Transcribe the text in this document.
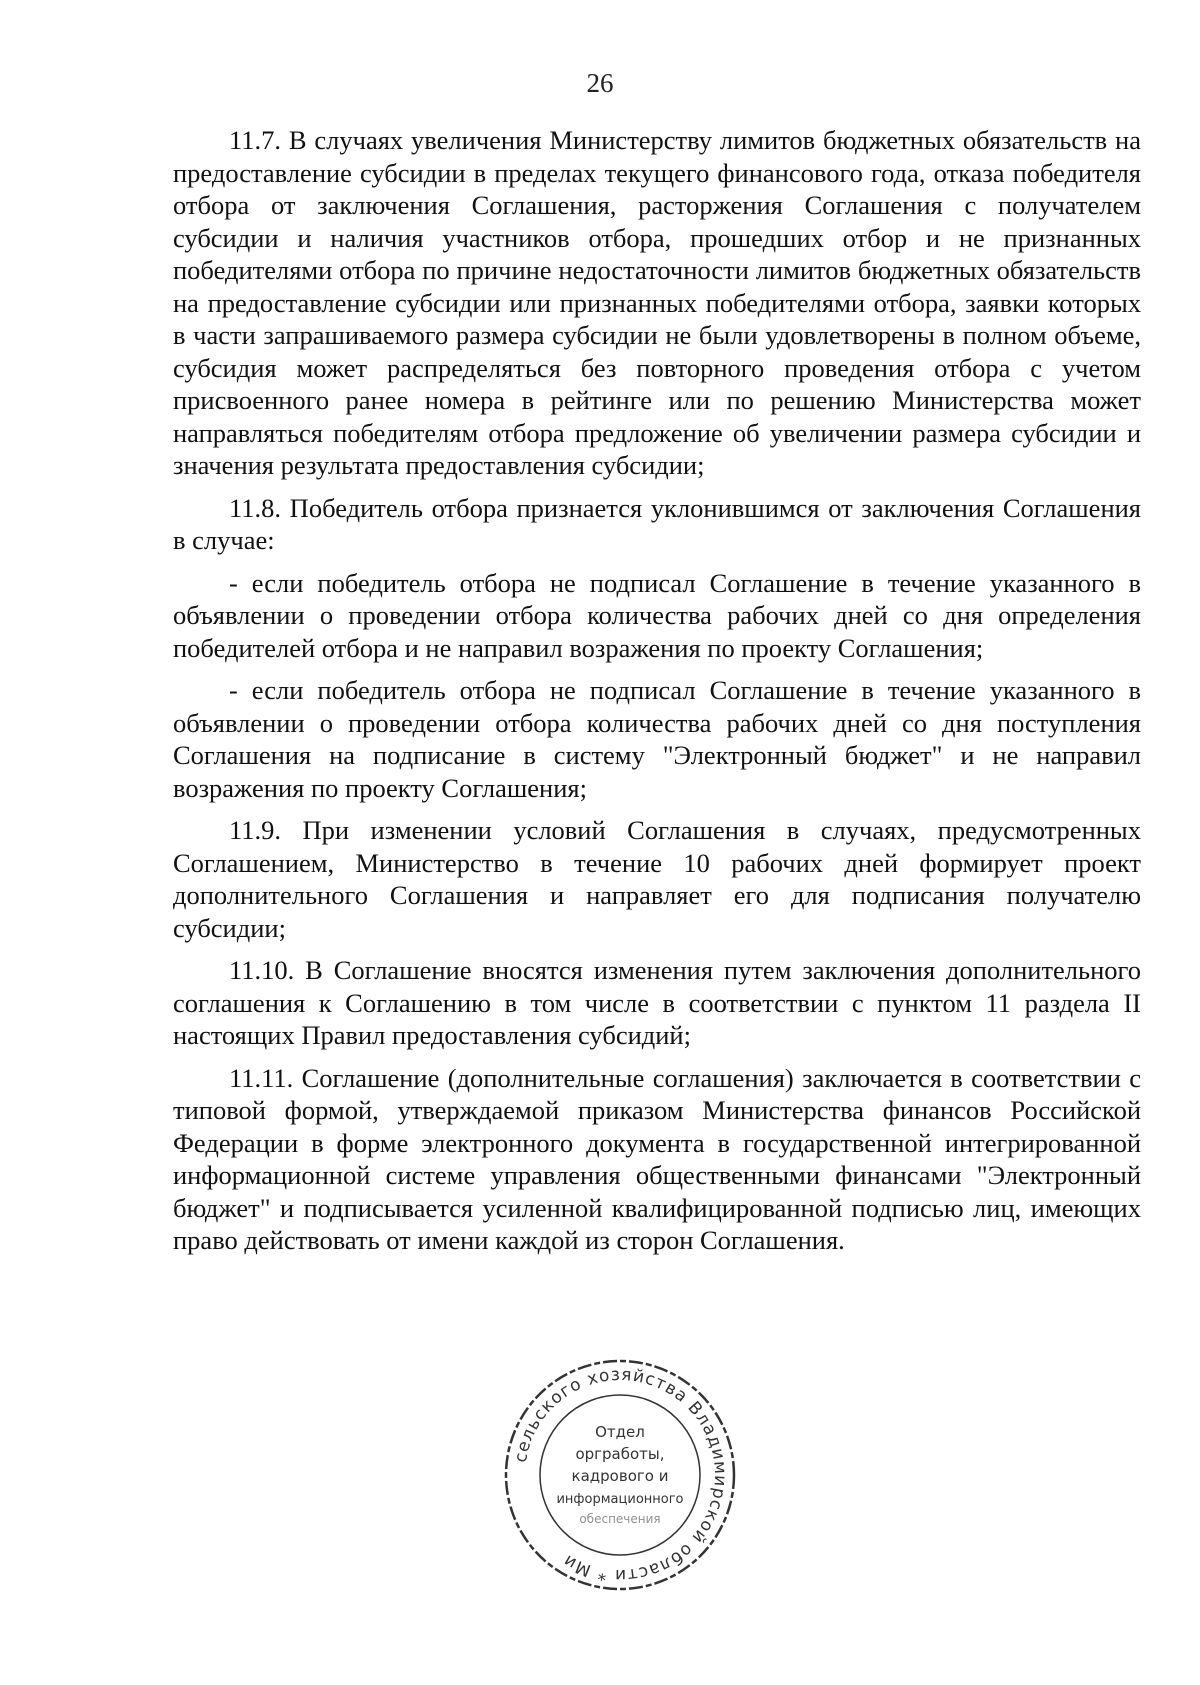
26

11.7. В случаях увеличения Министерству лимитов бюджетных обязательств на предоставление субсидии в пределах текущего финансового года, отказа победителя отбора от заключения Соглашения, расторжения Соглашения с получателем субсидии и наличия участников отбора, прошедших отбор и не признанных победителями отбора по причине недостаточности лимитов бюджетных обязательств на предоставление субсидии или признанных победителями отбора, заявки которых в части запрашиваемого размера субсидии не были удовлетворены в полном объеме, субсидия может распределяться без повторного проведения отбора с учетом присвоенного ранее номера в рейтинге или по решению Министерства может направляться победителям отбора предложение об увеличении размера субсидии и значения результата предоставления субсидии;

11.8. Победитель отбора признается уклонившимся от заключения Соглашения в случае:

- если победитель отбора не подписал Соглашение в течение указанного в объявлении о проведении отбора количества рабочих дней со дня определения победителей отбора и не направил возражения по проекту Соглашения;

- если победитель отбора не подписал Соглашение в течение указанного в объявлении о проведении отбора количества рабочих дней со дня поступления Соглашения на подписание в систему "Электронный бюджет" и не направил возражения по проекту Соглашения;

11.9. При изменении условий Соглашения в случаях, предусмотренных Соглашением, Министерство в течение 10 рабочих дней формирует проект дополнительного Соглашения и направляет его для подписания получателю субсидии;

11.10. В Соглашение вносятся изменения путем заключения дополнительного соглашения к Соглашению в том числе в соответствии с пунктом 11 раздела II настоящих Правил предоставления субсидий;

11.11. Соглашение (дополнительные соглашения) заключается в соответствии с типовой формой, утверждаемой приказом Министерства финансов Российской Федерации в форме электронного документа в государственной интегрированной информационной системе управления общественными финансами "Электронный бюджет" и подписывается усиленной квалифицированной подписью лиц, имеющих право действовать от имени каждой из сторон Соглашения.

сельского хозяйства Владимирской области * Ми
Отдел
оргработы,
кадрового и
информационного
обеспечения
